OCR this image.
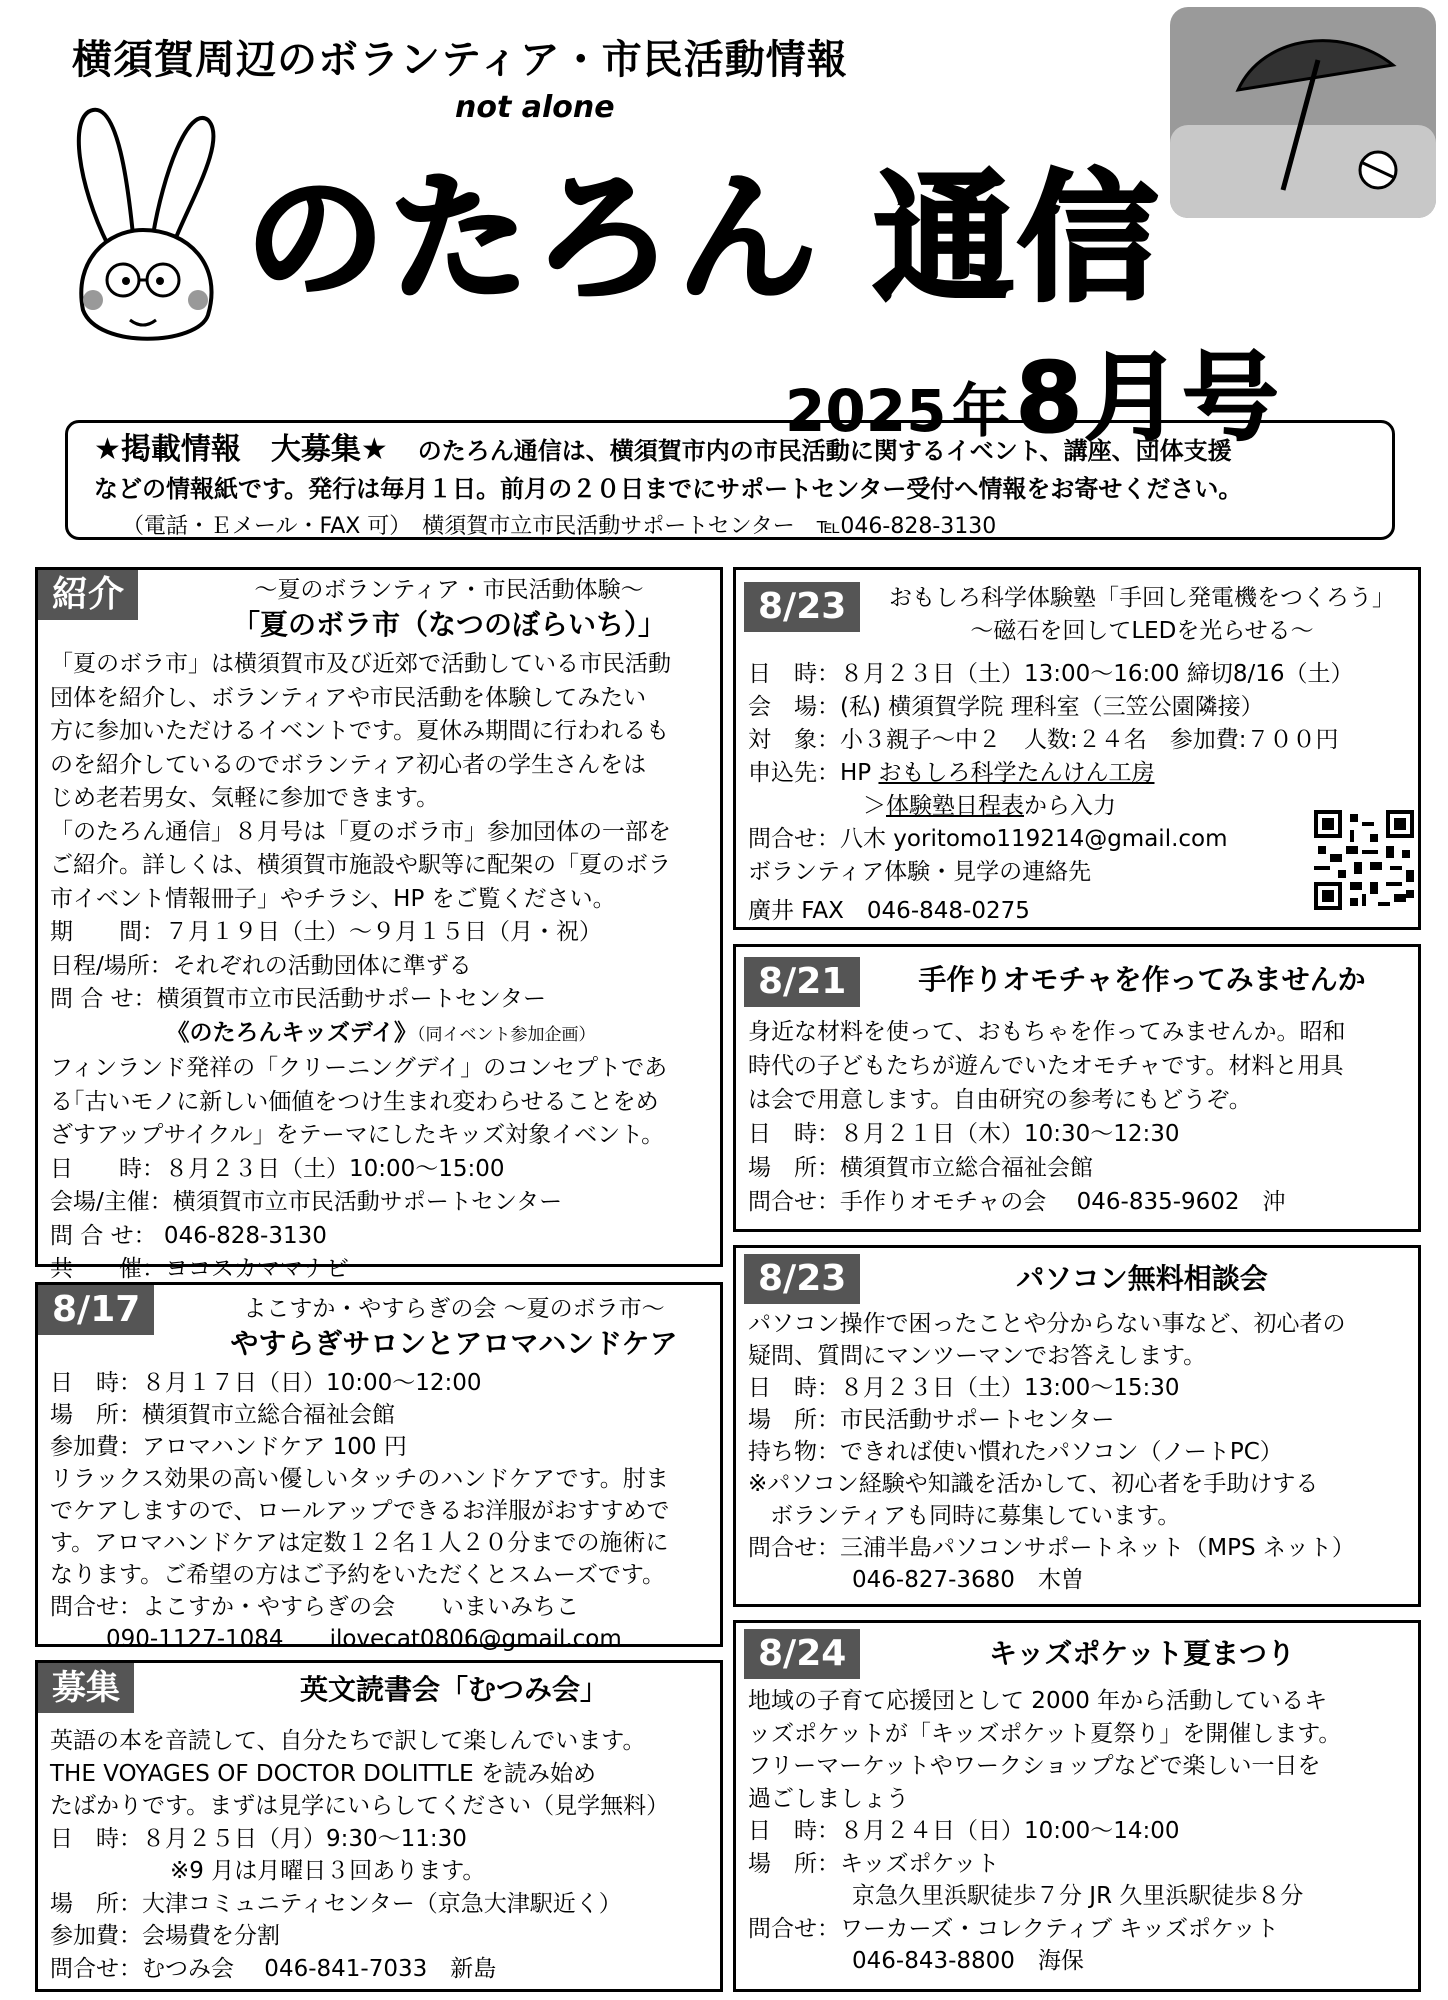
横須賀周辺のボランティア・市民活動情報
not alone
のたろん 通信
2025 年 8月号
★掲載情報　大募集★ のたろん通信は、横須賀市内の市民活動に関するイベント、講座、団体支援
などの情報紙です。発行は毎月１日。前月の２０日までにサポートセンター受付へ情報をお寄せください。
（電話・Ｅメール・FAX 可）　横須賀市立市民活動サポートセンター　℡046-828-3130
紹介	～夏のボランティア・市民活動体験～
「夏のボラ市（なつのぼらいち）」
「夏のボラ市」は横須賀市及び近郊で活動している市民活動
団体を紹介し、ボランティアや市民活動を体験してみたい
方に参加いただけるイベントです。夏休み期間に行われるも
のを紹介しているのでボランティア初心者の学生さんをは
じめ老若男女、気軽に参加できます。
「のたろん通信」８月号は「夏のボラ市」参加団体の一部を
ご紹介。詳しくは、横須賀市施設や駅等に配架の「夏のボラ
市イベント情報冊子」やチラシ、HP をご覧ください。
期　　間：７月１９日（土）～９月１５日（月・祝）
日程/場所：それぞれの活動団体に準ずる
問 合 せ：横須賀市立市民活動サポートセンター
《のたろんキッズデイ》（同イベント参加企画）
フィンランド発祥の「クリーニングデイ」のコンセプトであ
る｢古いモノに新しい価値をつけ生まれ変わらせることをめ
ざすアップサイクル」をテーマにしたキッズ対象イベント。
日　　時：８月２３日（土）10:00～15:00
会場/主催：横須賀市立市民活動サポートセンター
問 合 せ： 046-828-3130
共　　催：ヨコスカママナビ
8/17	よこすか・やすらぎの会 ～夏のボラ市～
やすらぎサロンとアロマハンドケア
日　時：８月１７日（日）10:00～12:00
場　所：横須賀市立総合福祉会館
参加費：アロマハンドケア 100 円
リラックス効果の高い優しいタッチのハンドケアです。肘ま
でケアしますので、ロールアップできるお洋服がおすすめで
す。アロマハンドケアは定数１２名１人２０分までの施術に
なります。ご希望の方はご予約をいただくとスムーズです。
問合せ：よこすか・やすらぎの会　　いまいみちこ
090-1127-1084　　ilovecat0806@gmail.com
募集	英文読書会「むつみ会」
英語の本を音読して、自分たちで訳して楽しんでいます。
THE VOYAGES OF DOCTOR DOLITTLE を読み始め
たばかりです。まずは見学にいらしてください（見学無料）
日　時：８月２５日（月）9:30～11:30
※9 月は月曜日３回あります。
場　所：大津コミュニティセンター（京急大津駅近く）
参加費：会場費を分割
問合せ：むつみ会　 046-841-7033　新島
8/23	おもしろ科学体験塾「手回し発電機をつくろう」
～磁石を回してLEDを光らせる～
日　時：８月２３日（土）13:00～16:00 締切8/16（土）
会　場：(私) 横須賀学院 理科室（三笠公園隣接）
対　象：小３親子～中２　人数:２４名　参加費:７００円
申込先：HP おもしろ科学たんけん工房
＞体験塾日程表から入力
問合せ：八木 yoritomo119214@gmail.com
ボランティア体験・見学の連絡先
廣井 FAX　046-848-0275
8/21	手作りオモチャを作ってみませんか
身近な材料を使って、おもちゃを作ってみませんか。昭和
時代の子どもたちが遊んでいたオモチャです。材料と用具
は会で用意します。自由研究の参考にもどうぞ。
日　時：８月２１日（木）10:30～12:30
場　所：横須賀市立総合福祉会館
問合せ：手作りオモチャの会　 046-835-9602　沖
8/23	パソコン無料相談会
パソコン操作で困ったことや分からない事など、初心者の
疑問、質問にマンツーマンでお答えします。
日　時：８月２３日（土）13:00～15:30
場　所：市民活動サポートセンター
持ち物：できれば使い慣れたパソコン（ノートPC）
※パソコン経験や知識を活かして、初心者を手助けする
ボランティアも同時に募集しています。
問合せ：三浦半島パソコンサポートネット（MPS ネット）
046-827-3680　木曽
8/24	キッズポケット夏まつり
地域の子育て応援団として 2000 年から活動しているキ
ッズポケットが「キッズポケット夏祭り」を開催します。
フリーマーケットやワークショップなどで楽しい一日を
過ごしましょう
日　時：８月２４日（日）10:00～14:00
場　所：キッズポケット
京急久里浜駅徒歩７分 JR 久里浜駅徒歩８分
問合せ：ワーカーズ・コレクティブ キッズポケット
046-843-8800　海保
